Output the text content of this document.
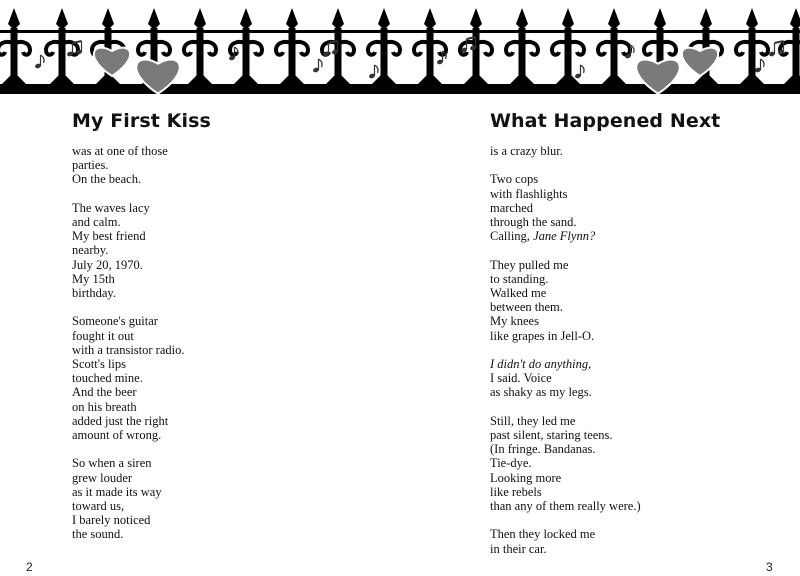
My First Kiss
was at one of those
parties.
On the beach.
The waves lacy
and calm.
My best friend
nearby.
July 20, 1970.
My 15th
birthday.
Someone's guitar
fought it out
with a transistor radio.
Scott's lips
touched mine.
And the beer
on his breath
added just the right
amount of wrong.
So when a siren
grew louder
as it made its way
toward us,
I barely noticed
the sound.
2
What Happened Next
is a crazy blur.
Two cops
with flashlights
marched
through the sand.
Calling, Jane Flynn?
They pulled me
to standing.
Walked me
between them.
My knees
like grapes in Jell-O.
I didn't do anything,
I said. Voice
as shaky as my legs.
Still, they led me
past silent, staring teens.
(In fringe. Bandanas.
Tie-dye.
Looking more
like rebels
than any of them really were.)
Then they locked me
in their car.
3
